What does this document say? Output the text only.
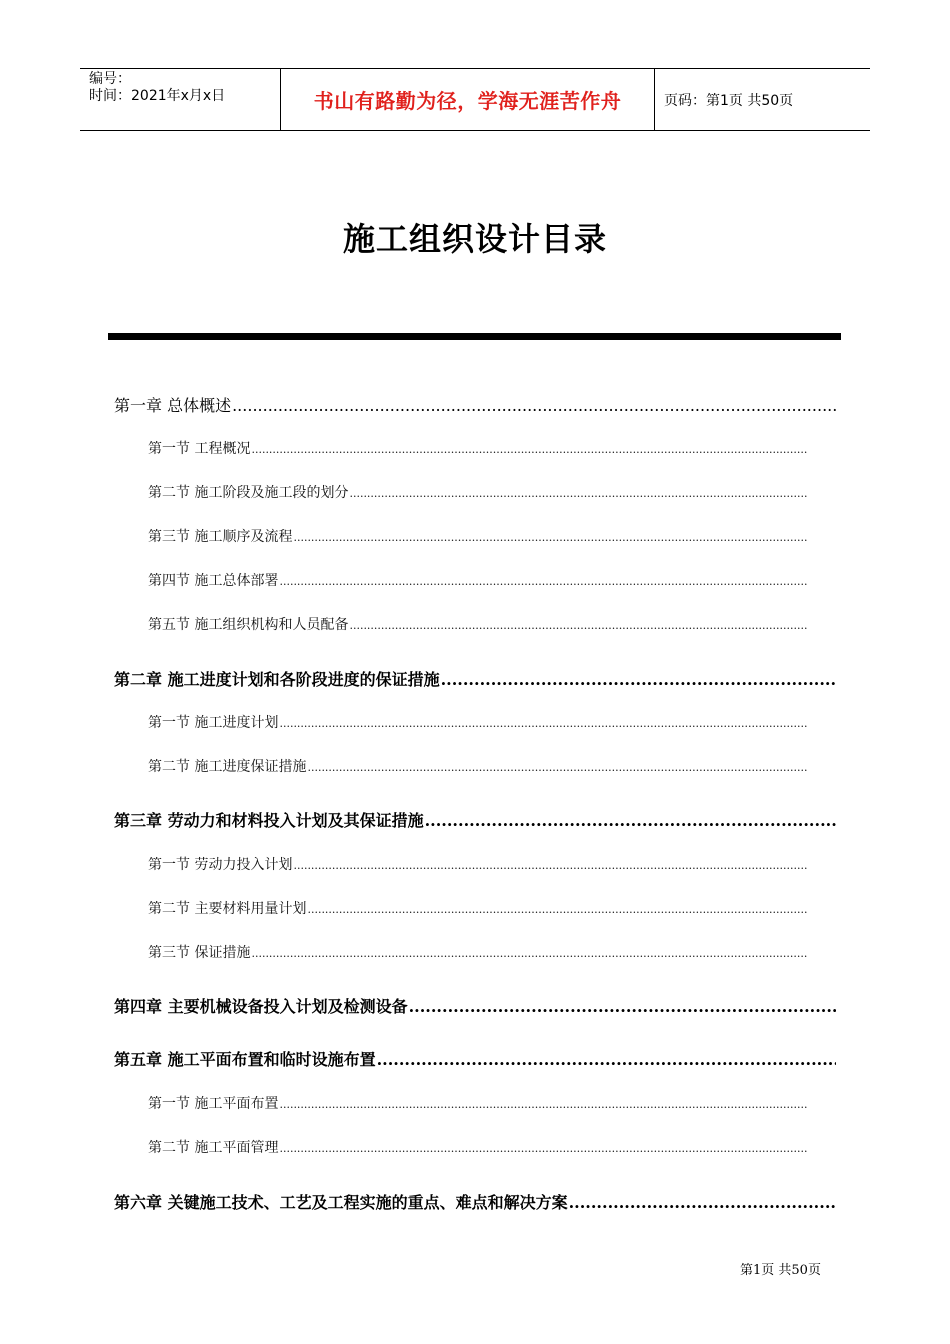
编号：
时间：2021年x月x日	书山有路勤为径，学海无涯苦作舟	页码：第1页 共50页
施工组织设计目录
第一章 总体概述
.....
第一节 工程概况
.....
第二节 施工阶段及施工段的划分
.....
第三节 施工顺序及流程
.....
第四节 施工总体部署
.....
第五节 施工组织机构和人员配备
.....
第二章 施工进度计划和各阶段进度的保证措施
.....
第一节 施工进度计划
.....
第二节 施工进度保证措施
.....
第三章 劳动力和材料投入计划及其保证措施
.....
第一节 劳动力投入计划
.....
第二节 主要材料用量计划
.....
第三节 保证措施
.....
第四章 主要机械设备投入计划及检测设备
.....
第五章 施工平面布置和临时设施布置
.....
第一节 施工平面布置
.....
第二节 施工平面管理
.....
第六章 关键施工技术、工艺及工程实施的重点、难点和解决方案
.....
第1页 共50页
